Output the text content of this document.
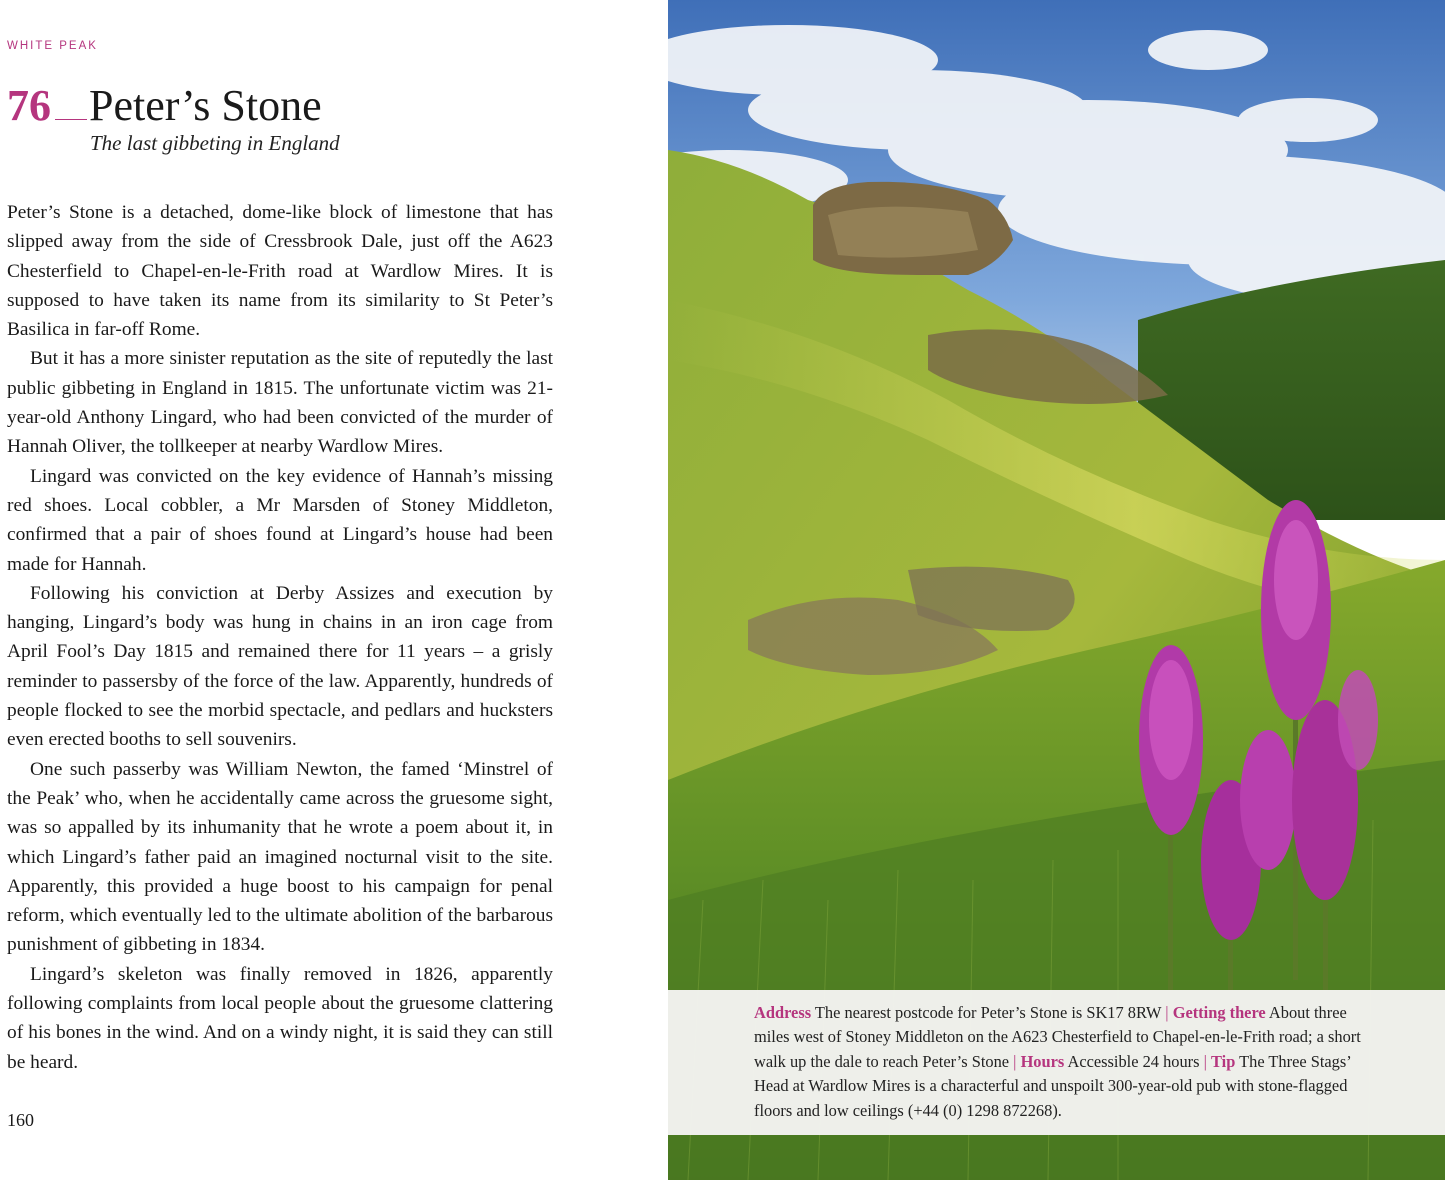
WHITE PEAK
76 Peter’s Stone
The last gibbeting in England

Peter’s Stone is a detached, dome-like block of limestone that has slipped away from the side of Cressbrook Dale, just off the A623 Chesterfield to Chapel-en-le-Frith road at Wardlow Mires. It is supposed to have taken its name from its similarity to St Peter’s Basilica in far-off Rome.

But it has a more sinister reputation as the site of reputedly the last public gibbeting in England in 1815. The unfortunate victim was 21-year-old Anthony Lingard, who had been convicted of the murder of Hannah Oliver, the tollkeeper at nearby Wardlow Mires.

Lingard was convicted on the key evidence of Hannah’s missing red shoes. Local cobbler, a Mr Marsden of Stoney Middleton, confirmed that a pair of shoes found at Lingard’s house had been made for Hannah.

Following his conviction at Derby Assizes and execution by hanging, Lingard’s body was hung in chains in an iron cage from April Fool’s Day 1815 and remained there for 11 years – a grisly reminder to passersby of the force of the law. Apparently, hundreds of people flocked to see the morbid spectacle, and pedlars and hucksters even erected booths to sell souvenirs.

One such passerby was William Newton, the famed ‘Minstrel of the Peak’ who, when he accidentally came across the gruesome sight, was so appalled by its inhumanity that he wrote a poem about it, in which Lingard’s father paid an imagined nocturnal visit to the site. Apparently, this provided a huge boost to his campaign for penal reform, which eventually led to the ultimate abolition of the barbarous punishment of gibbeting in 1834.

Lingard’s skeleton was finally removed in 1826, apparently following complaints from local people about the gruesome clattering of his bones in the wind. And on a windy night, it is said they can still be heard.

160
Address The nearest postcode for Peter’s Stone is SK17 8RW | Getting there About three miles west of Stoney Middleton on the A623 Chesterfield to Chapel-en-le-Frith road; a short walk up the dale to reach Peter’s Stone | Hours Accessible 24 hours | Tip The Three Stags’ Head at Wardlow Mires is a characterful and unspoilt 300-year-old pub with stone-flagged floors and low ceilings (+44 (0) 1298 872268).
